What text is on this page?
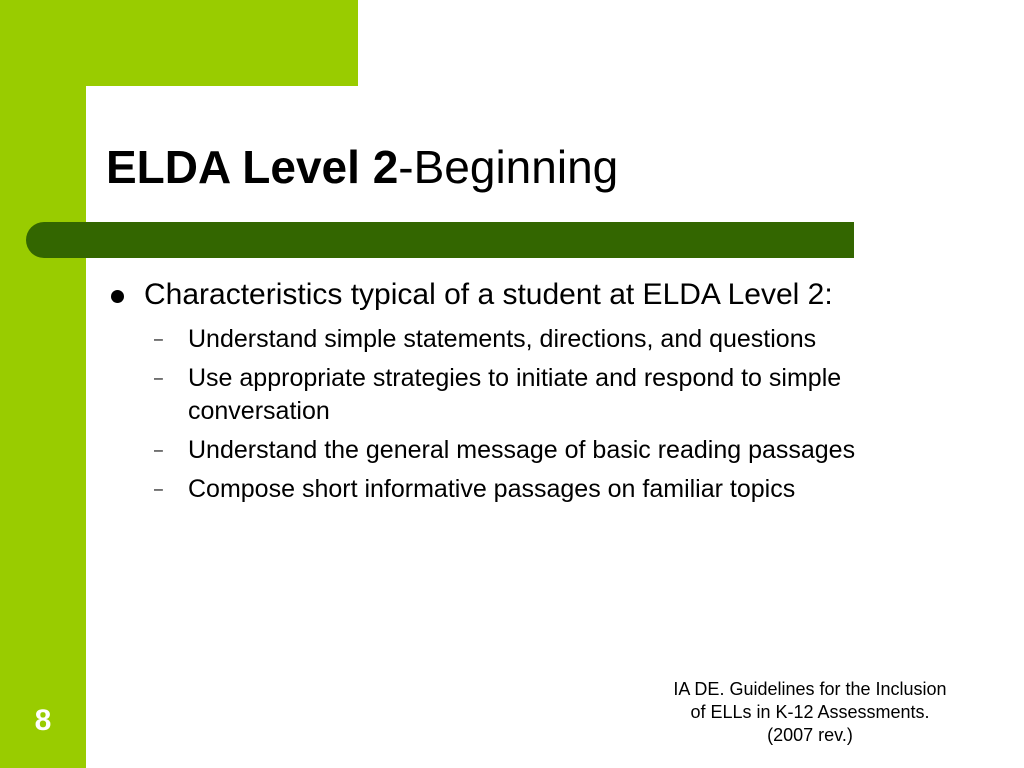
ELDA Level 2-Beginning
Characteristics typical of a student at ELDA Level 2:
– Understand simple statements, directions, and questions
– Use appropriate strategies to initiate and respond to simple conversation
– Understand the general message of basic reading passages
– Compose short informative passages on familiar topics
8
IA DE. Guidelines for the Inclusion
of ELLs in K-12 Assessments.
(2007 rev.)
